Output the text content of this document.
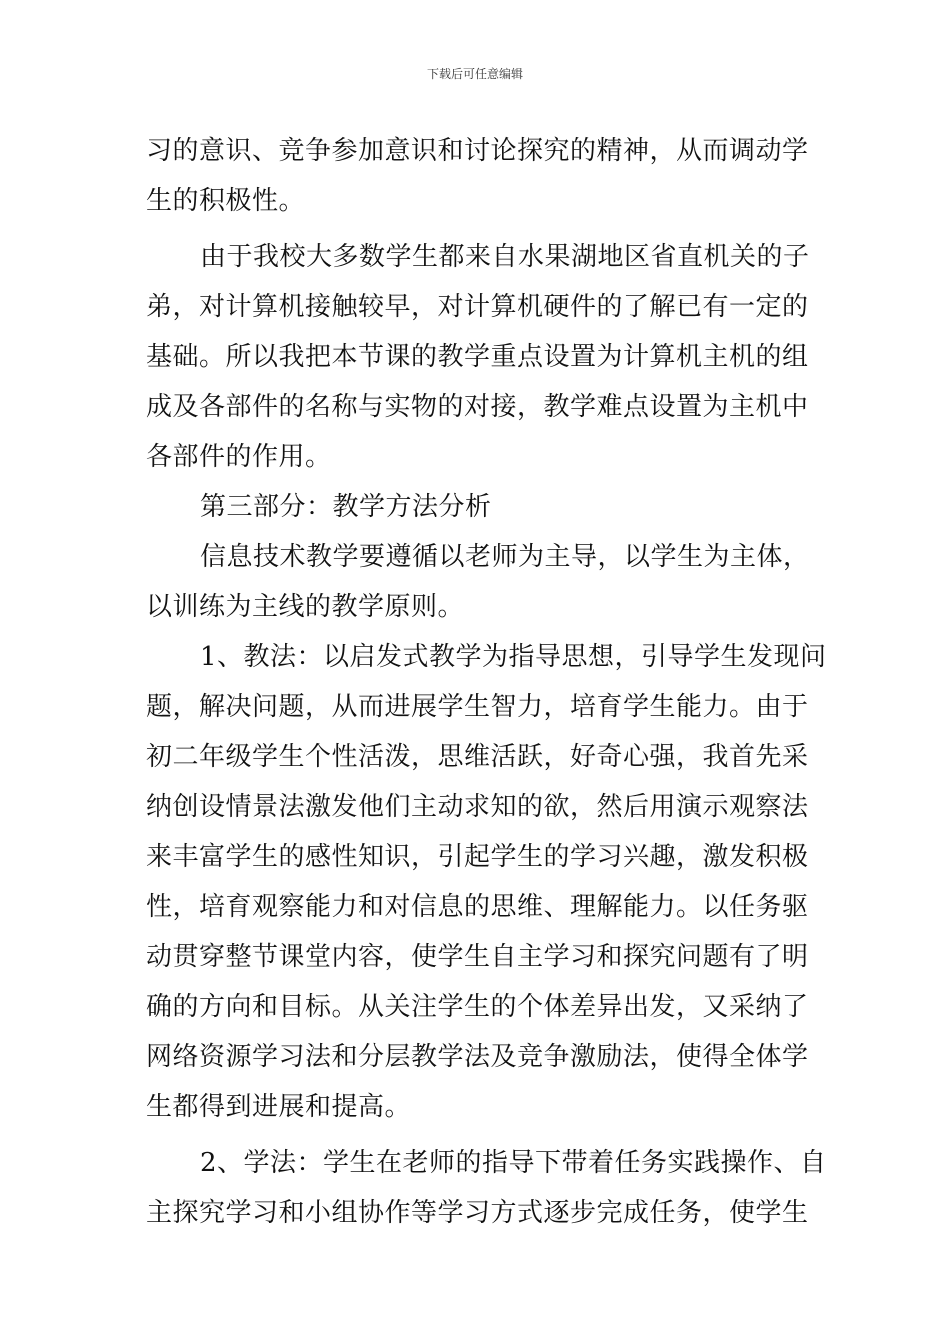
下载后可任意编辑

习的意识、竞争参加意识和讨论探究的精神，从而调动学
生的积极性。

由于我校大多数学生都来自水果湖地区省直机关的子
弟，对计算机接触较早，对计算机硬件的了解已有一定的
基础。所以我把本节课的教学重点设置为计算机主机的组
成及各部件的名称与实物的对接，教学难点设置为主机中
各部件的作用。

第三部分：教学方法分析

信息技术教学要遵循以老师为主导，以学生为主体，
以训练为主线的教学原则。

1、教法：以启发式教学为指导思想，引导学生发现问
题，解决问题，从而进展学生智力，培育学生能力。由于
初二年级学生个性活泼，思维活跃，好奇心强，我首先采
纳创设情景法激发他们主动求知的欲，然后用演示观察法
来丰富学生的感性知识，引起学生的学习兴趣，激发积极
性，培育观察能力和对信息的思维、理解能力。以任务驱
动贯穿整节课堂内容，使学生自主学习和探究问题有了明
确的方向和目标。从关注学生的个体差异出发，又采纳了
网络资源学习法和分层教学法及竞争激励法，使得全体学
生都得到进展和提高。

2、学法：学生在老师的指导下带着任务实践操作、自
主探究学习和小组协作等学习方式逐步完成任务，使学生
